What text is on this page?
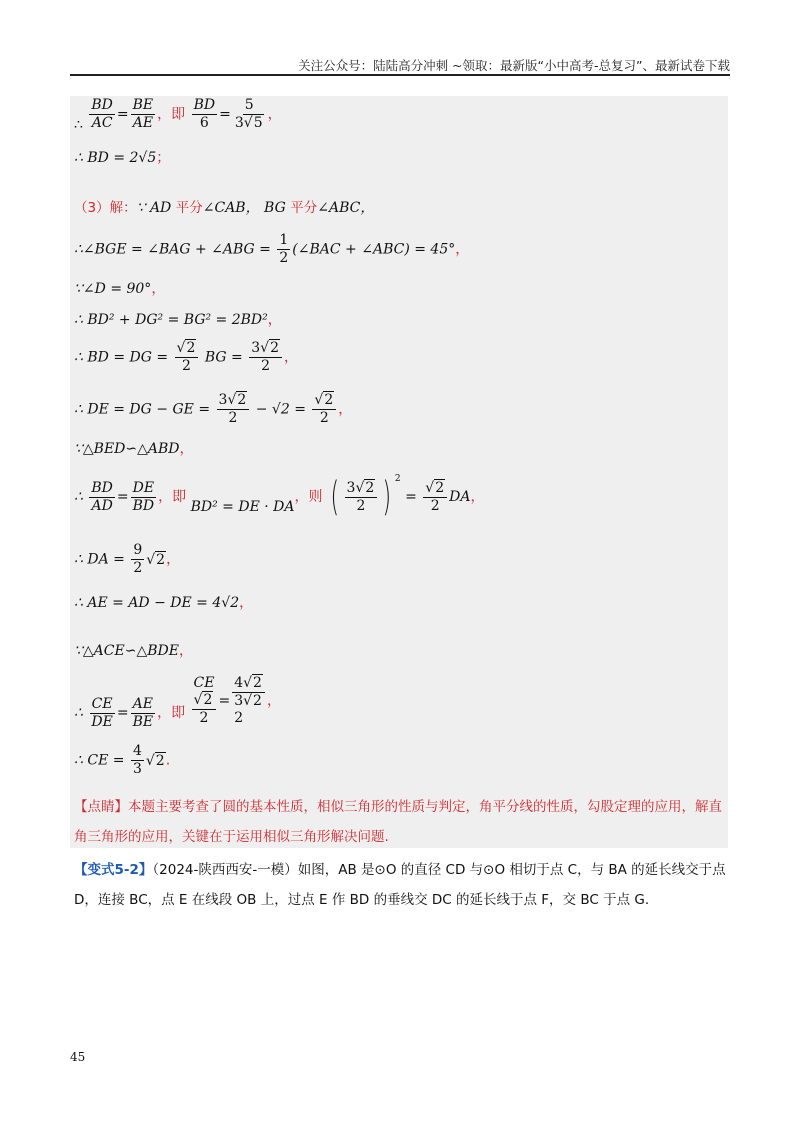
关注公众号：陆陆高分冲刺 ~领取：最新版“小中高考-总复习”、最新试卷下载
∴ $\frac{BD}{AC} = \frac{BE}{AE}$ ，即 $\frac{BD}{6} = \frac{5}{3√5}$ ，
∴ BD = 2√5；
（3）解：∵ AD 平分∠CAB， BG 平分∠ABC，
∴∠BGE = ∠BAG + ∠ABG = $\frac{1}{2}$ (∠BAC + ∠ABC) = 45°，
∵∠D = 90°，
∴ BD² + DG² = BG² = 2BD²，
∴ BD = DG = $\frac{√2}{2}$ BG = $\frac{3√2}{2}$ ，
∴ DE = DG − GE = $\frac{3√2}{2} - √2 = \frac{√2}{2}$ ，
∵△BED∽△ABD，
∴ $\frac{BD}{AD} = \frac{DE}{BD}$ ，即 BD² = DE · DA，则 ( $\frac{3√2}{2}$ ) $^2 = \frac{√2}{2}$ DA，
∴ DA = $\frac{9}{2} √2$，
∴ AE = AD − DE = 4√2，
∵△ACE∽△BDE，
∴ $\frac{CE}{DE} = \frac{AE}{BE}$ ，即
CE
√2
2
=
4√2
3√2
2
，
∴ CE = $\frac{4}{3} √2$.
【点睛】本题主要考查了圆的基本性质，相似三角形的性质与判定，角平分线的性质，勾股定理的应用，解直角三角形的应用，关键在于运用相似三角形解决问题.
【变式5-2】（2024-陕西西安-一模）如图，AB 是⊙O 的直径 CD 与⊙O 相切于点 C，与 BA 的延长线交于点 D，连接 BC，点 E 在线段 OB 上，过点 E 作 BD 的垂线交 DC 的延长线于点 F，交 BC 于点 G.
45
